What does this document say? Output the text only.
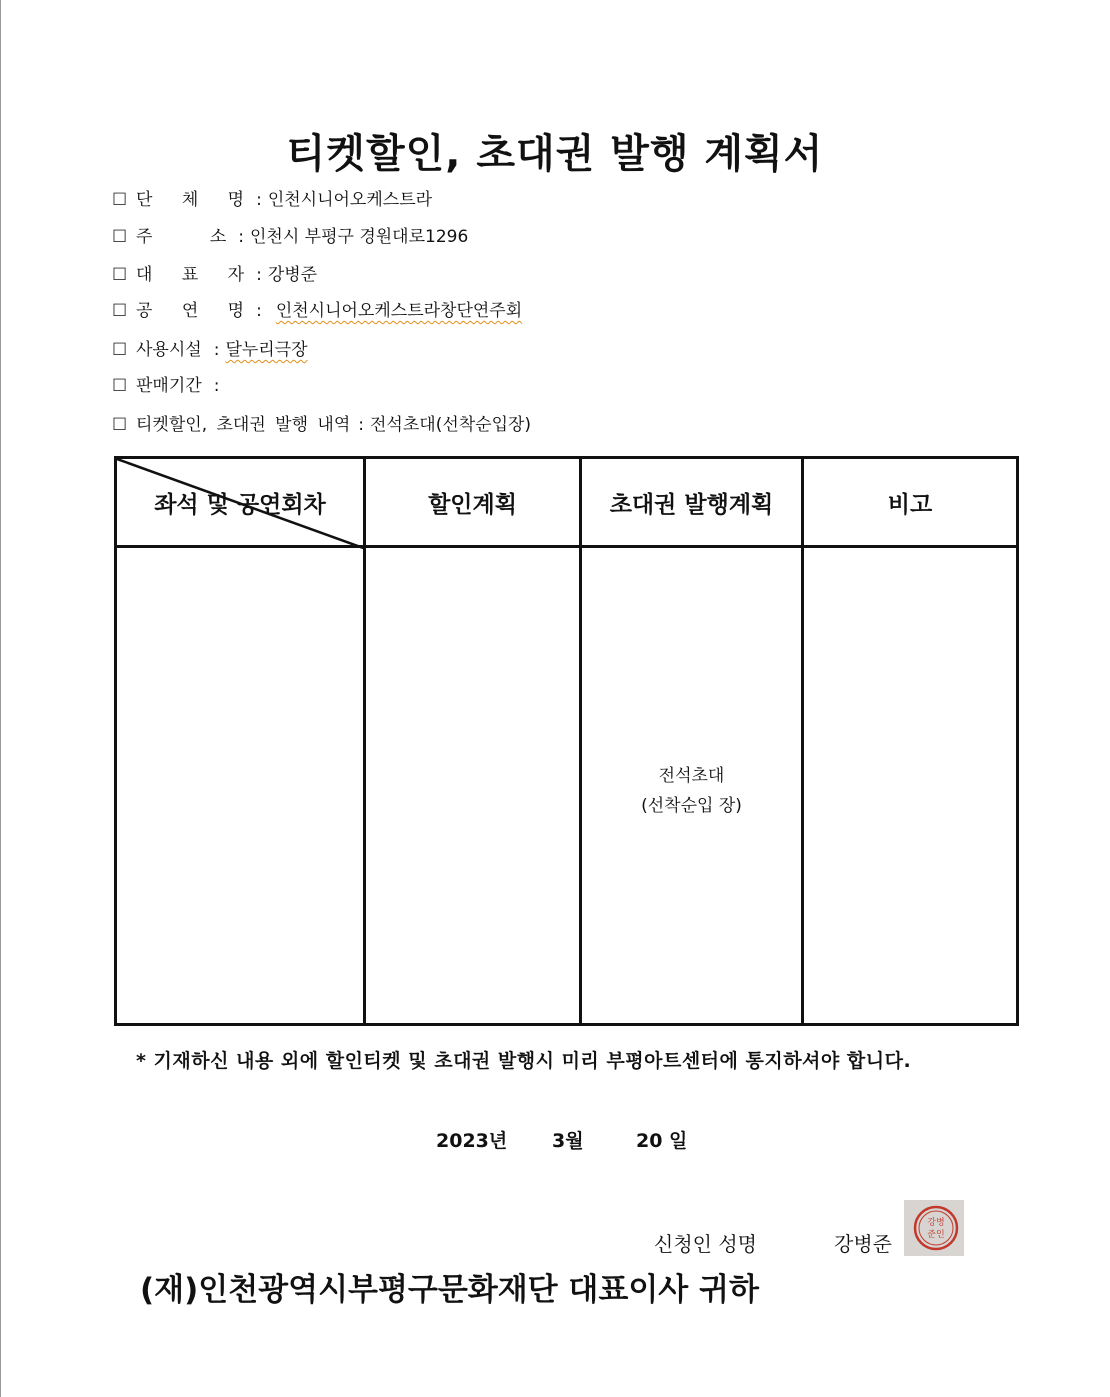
티켓할인, 초대권 발행 계획서
☐ 단 체 명: 인천시니어오케스트라
☐ 주 소: 인천시 부평구 경원대로1296
☐ 대 표 자: 강병준
☐ 공 연 명: 인천시니어오케스트라창단연주회
☐ 사용시설 : 달누리극장
☐ 판매기간 :
☐ 티켓할인, 초대권 발행 내역 : 전석초대(선착순입장)
좌석 및 공연회차	할인계획	초대권 발행계획	비고

		전석초대
(선착순입 장)	

* 기재하신 내용 외에 할인티켓 및 초대권 발행시 미리 부평아트센터에 통지하셔야 합니다.
2023년 3월	20 일
신청인 성명	강병준
강병
준인
(재)인천광역시부평구문화재단 대표이사 귀하
